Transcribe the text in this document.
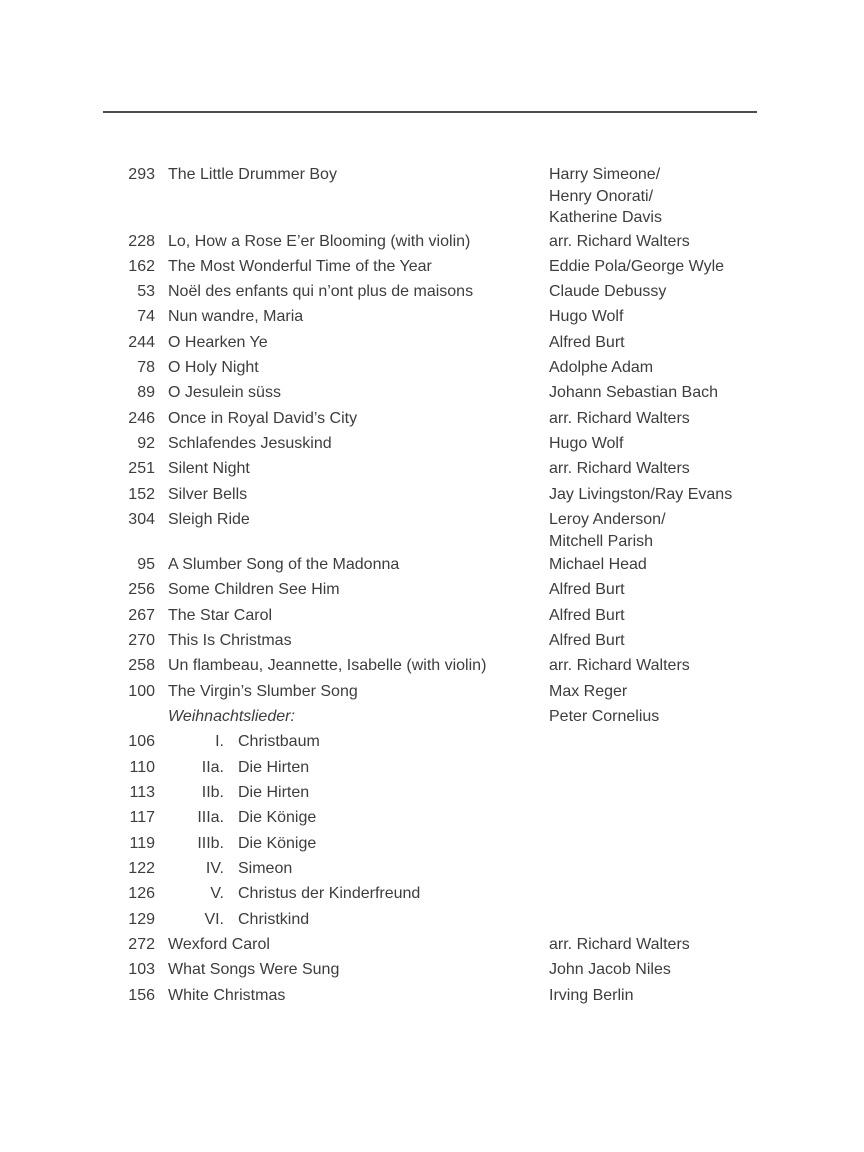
293 The Little Drummer Boy	Harry Simeone/
Henry Onorati/
Katherine Davis
228 Lo, How a Rose E’er Blooming (with violin)	arr. Richard Walters
162 The Most Wonderful Time of the Year	Eddie Pola/George Wyle
53 Noël des enfants qui n’ont plus de maisons	Claude Debussy
74 Nun wandre, Maria	Hugo Wolf
244 O Hearken Ye	Alfred Burt
78 O Holy Night	Adolphe Adam
89 O Jesulein süss	Johann Sebastian Bach
246 Once in Royal David’s City	arr. Richard Walters
92 Schlafendes Jesuskind	Hugo Wolf
251 Silent Night	arr. Richard Walters
152 Silver Bells	Jay Livingston/Ray Evans
304 Sleigh Ride	Leroy Anderson/
Mitchell Parish
95 A Slumber Song of the Madonna	Michael Head
256 Some Children See Him	Alfred Burt
267 The Star Carol	Alfred Burt
270 This Is Christmas	Alfred Burt
258 Un flambeau, Jeannette, Isabelle (with violin)	arr. Richard Walters
100 The Virgin’s Slumber Song	Max Reger
Weihnachtslieder:	Peter Cornelius
106	I. Christbaum
110	IIa. Die Hirten
113	IIb. Die Hirten
117	IIIa. Die Könige
119	IIIb. Die Könige
122	IV. Simeon
126	V. Christus der Kinderfreund
129	VI. Christkind
272 Wexford Carol	arr. Richard Walters
103 What Songs Were Sung	John Jacob Niles
156 White Christmas	Irving Berlin
